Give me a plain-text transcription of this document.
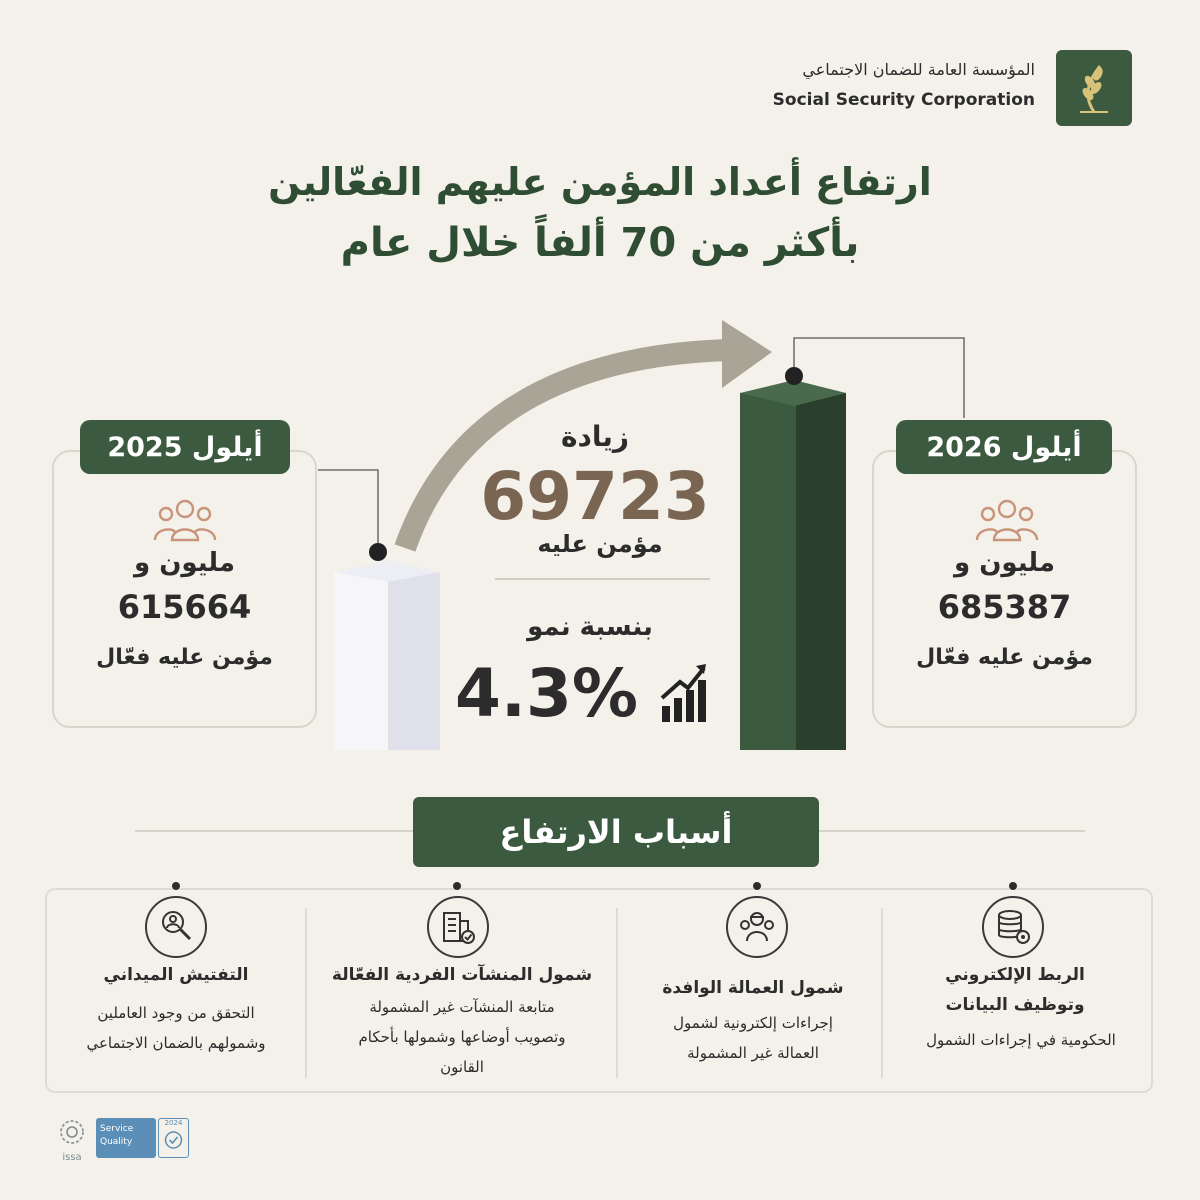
المؤسسة العامة للضمان الاجتماعي
Social Security Corporation
ارتفاع أعداد المؤمن عليهم الفعّالين
بأكثر من 70 ألفاً خلال عام
أيلول 2025
مليون و
615664
مؤمن عليه فعّال
أيلول 2026
مليون و
685387
مؤمن عليه فعّال
زيادة
69723
مؤمن عليه
بنسبة نمو
4.3%
أسباب الارتفاع
الربط الإلكتروني
وتوظيف البيانات
الحكومية في إجراءات الشمول
شمول العمالة الوافدة
إجراءات إلكترونية لشمول
العمالة غير المشمولة
شمول المنشآت الفردية الفعّالة
متابعة المنشآت غير المشمولة
وتصويب أوضاعها وشمولها بأحكام
القانون
التفتيش الميداني
التحقق من وجود العاملين
وشمولهم بالضمان الاجتماعي
issa
Service
Quality
2024
